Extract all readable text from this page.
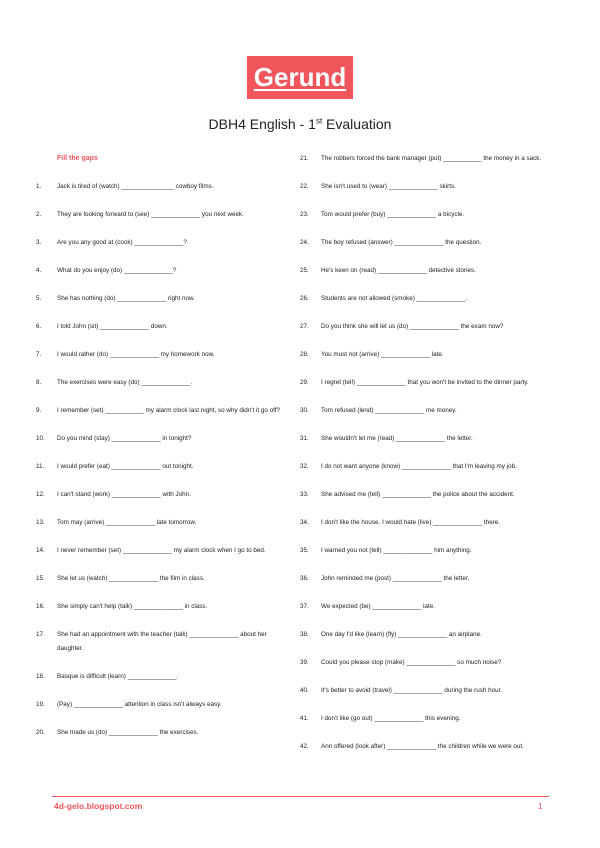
Gerund
DBH4 English - 1st Evaluation
Fill the gaps
1.	Jack is tired of (watch) _______________ cowboy films.
2.	They are looking forward to (see) ______________ you next week.
3.	Are you any good at (cook) ______________?
4.	What do you enjoy (do) ______________?
5.	She has nothing (do) ______________ right now.
6.	I told John (sit) ______________ down.
7.	I would rather (do) ______________ my homework now.
8.	The exercises were easy (do) ______________.
9.	I remember (set) ___________ my alarm clock last night, so why didn't it go off?
10.	Do you mind (stay) ______________ in tonight?
11.	I would prefer (eat) ______________ out tonight.
12.	I can't stand (work) ______________ with John.
13.	Tom may (arrive) ______________ late tomorrow.
14.	I never remember (set) ______________ my alarm clock when I go to bed.
15.	She let us (watch) ______________ the film in class.
16.	She simply can't help (talk) ______________ in class.
17.	She had an appointment with the teacher (talk) ______________ about her daughter.
18.	Basque is difficult (learn) ______________.
19.	(Pay) ______________ attention in class isn't always easy.
20.	She made us (do) ______________ the exercises.
21.	The robbers forced the bank manager (put) ___________ the money in a sack.
22.	She isn't used to (wear) ______________ skirts.
23.	Tom would prefer (buy) ______________ a bicycle.
24.	The boy refused (answer) ______________ the question.
25.	He's keen on (read) ______________ detective stories.
26.	Students are not allowed (smoke) ______________.
27.	Do you think she will let us (do) ______________ the exam now?
28.	You must not (arrive) ______________ late.
29.	I regret (tell) ______________ that you won't be invited to the dinner party.
30.	Tom refused (lend) ______________ me money.
31.	She wouldn't let me (read) ______________ the letter.
32.	I do not want anyone (know) ______________ that I'm leaving my job.
33.	She advised me (tell) ______________ the police about the accident.
34.	I don't like the house. I would hate (live) ______________ there.
35.	I warned you not (tell) ______________ him anything.
36.	John reminded me (post) ______________ the letter.
37.	We expected (be) ______________ late.
38.	One day I'd like (learn) (fly) ______________ an airplane.
39.	Could you please stop (make) ______________ so much noise?
40.	It's better to avoid (travel) ______________ during the rush hour.
41.	I don't like (go out) ______________ this evening.
42.	Ann offered (look after) ______________ the children while we were out.
4d-gelo.blogspot.com	1
